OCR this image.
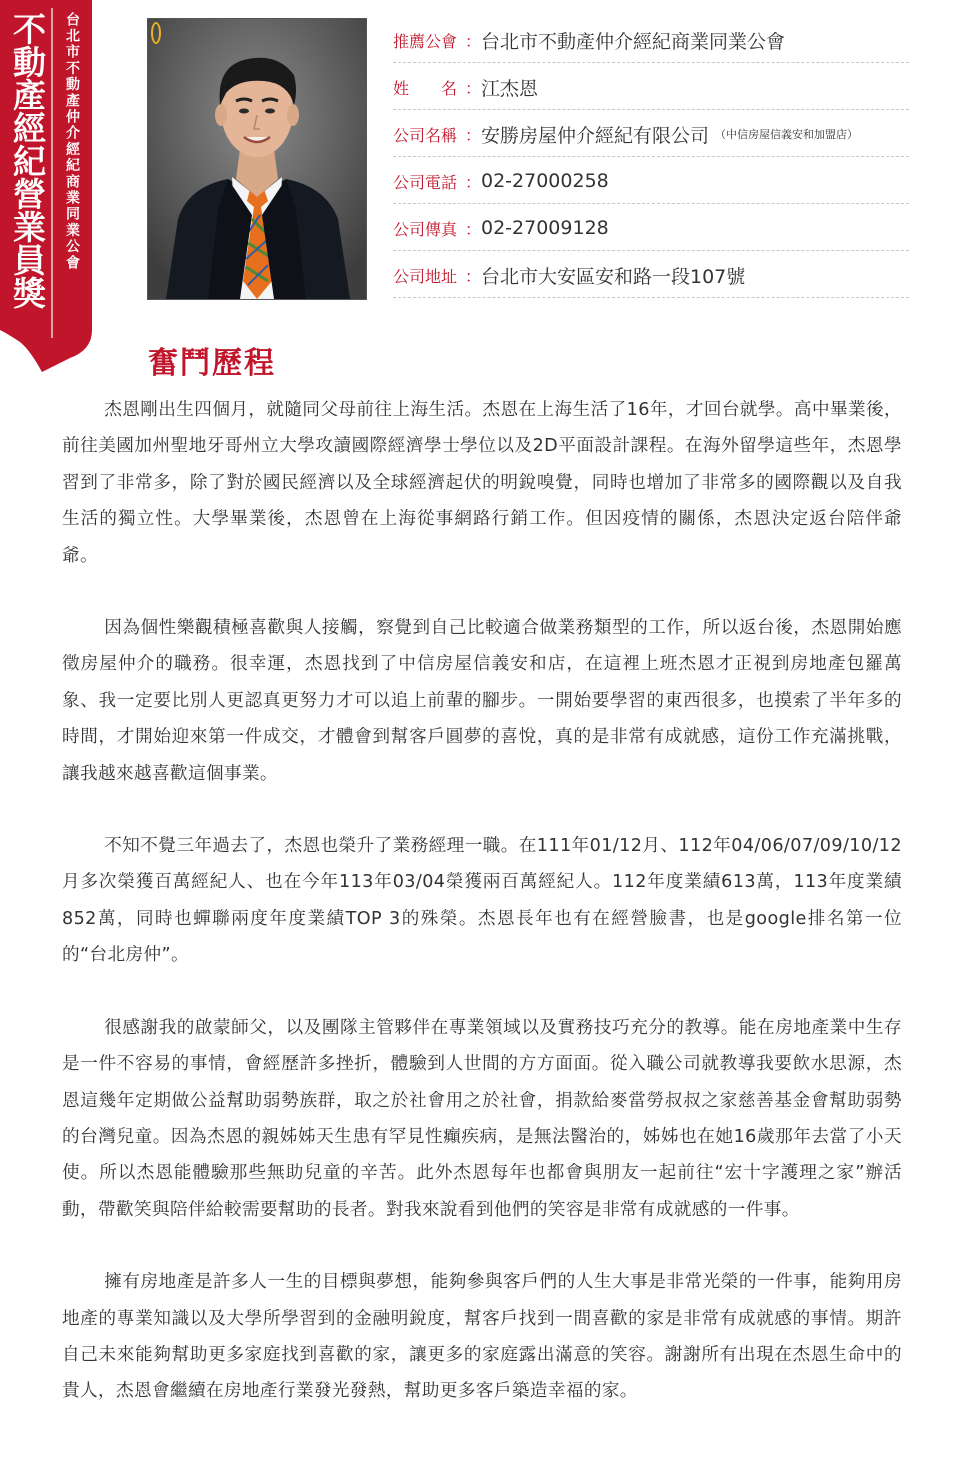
不動產經紀營業員獎	台北市不動產仲介經紀商業同業公會	推薦公會 ： 台北市不動產仲介經紀商業同業公會
姓　　名 ： 江杰恩
公司名稱 ： 安勝房屋仲介經紀有限公司 （中信房屋信義安和加盟店）
公司電話 ： 02-27000258
公司傳真 ： 02-27009128
公司地址 ： 台北市大安區安和路一段107號
奮鬥歷程

杰恩剛出生四個月，就隨同父母前往上海生活。杰恩在上海生活了16年，才回台就學。高中畢業後，前往美國加州聖地牙哥州立大學攻讀國際經濟學士學位以及2D平面設計課程。在海外留學這些年，杰恩學習到了非常多，除了對於國民經濟以及全球經濟起伏的明銳嗅覺，同時也增加了非常多的國際觀以及自我生活的獨立性。大學畢業後，杰恩曾在上海從事網路行銷工作。但因疫情的關係，杰恩決定返台陪伴爺爺。

因為個性樂觀積極喜歡與人接觸，察覺到自己比較適合做業務類型的工作，所以返台後，杰恩開始應徵房屋仲介的職務。很幸運，杰恩找到了中信房屋信義安和店，在這裡上班杰恩才正視到房地產包羅萬象、我一定要比別人更認真更努力才可以追上前輩的腳步。一開始要學習的東西很多，也摸索了半年多的時間，才開始迎來第一件成交，才體會到幫客戶圓夢的喜悅，真的是非常有成就感，這份工作充滿挑戰，讓我越來越喜歡這個事業。

不知不覺三年過去了，杰恩也榮升了業務經理一職。在111年01/12月、112年04/06/07/09/10/12月多次榮獲百萬經紀人、也在今年113年03/04榮獲兩百萬經紀人。112年度業績613萬，113年度業績852萬，同時也蟬聯兩度年度業績TOP 3的殊榮。杰恩長年也有在經營臉書，也是google排名第一位的“台北房仲”。

很感謝我的啟蒙師父，以及團隊主管夥伴在專業領域以及實務技巧充分的教導。能在房地產業中生存是一件不容易的事情，會經歷許多挫折，體驗到人世間的方方面面。從入職公司就教導我要飲水思源，杰恩這幾年定期做公益幫助弱勢族群，取之於社會用之於社會，捐款給麥當勞叔叔之家慈善基金會幫助弱勢的台灣兒童。因為杰恩的親姊姊天生患有罕見性癲疾病，是無法醫治的，姊姊也在她16歲那年去當了小天使。所以杰恩能體驗那些無助兒童的辛苦。此外杰恩每年也都會與朋友一起前往“宏十字護理之家”辦活動，帶歡笑與陪伴給較需要幫助的長者。對我來說看到他們的笑容是非常有成就感的一件事。

擁有房地產是許多人一生的目標與夢想，能夠參與客戶們的人生大事是非常光榮的一件事，能夠用房地產的專業知識以及大學所學習到的金融明銳度，幫客戶找到一間喜歡的家是非常有成就感的事情。期許自己未來能夠幫助更多家庭找到喜歡的家，讓更多的家庭露出滿意的笑容。謝謝所有出現在杰恩生命中的貴人，杰恩會繼續在房地產行業發光發熱，幫助更多客戶築造幸福的家。
